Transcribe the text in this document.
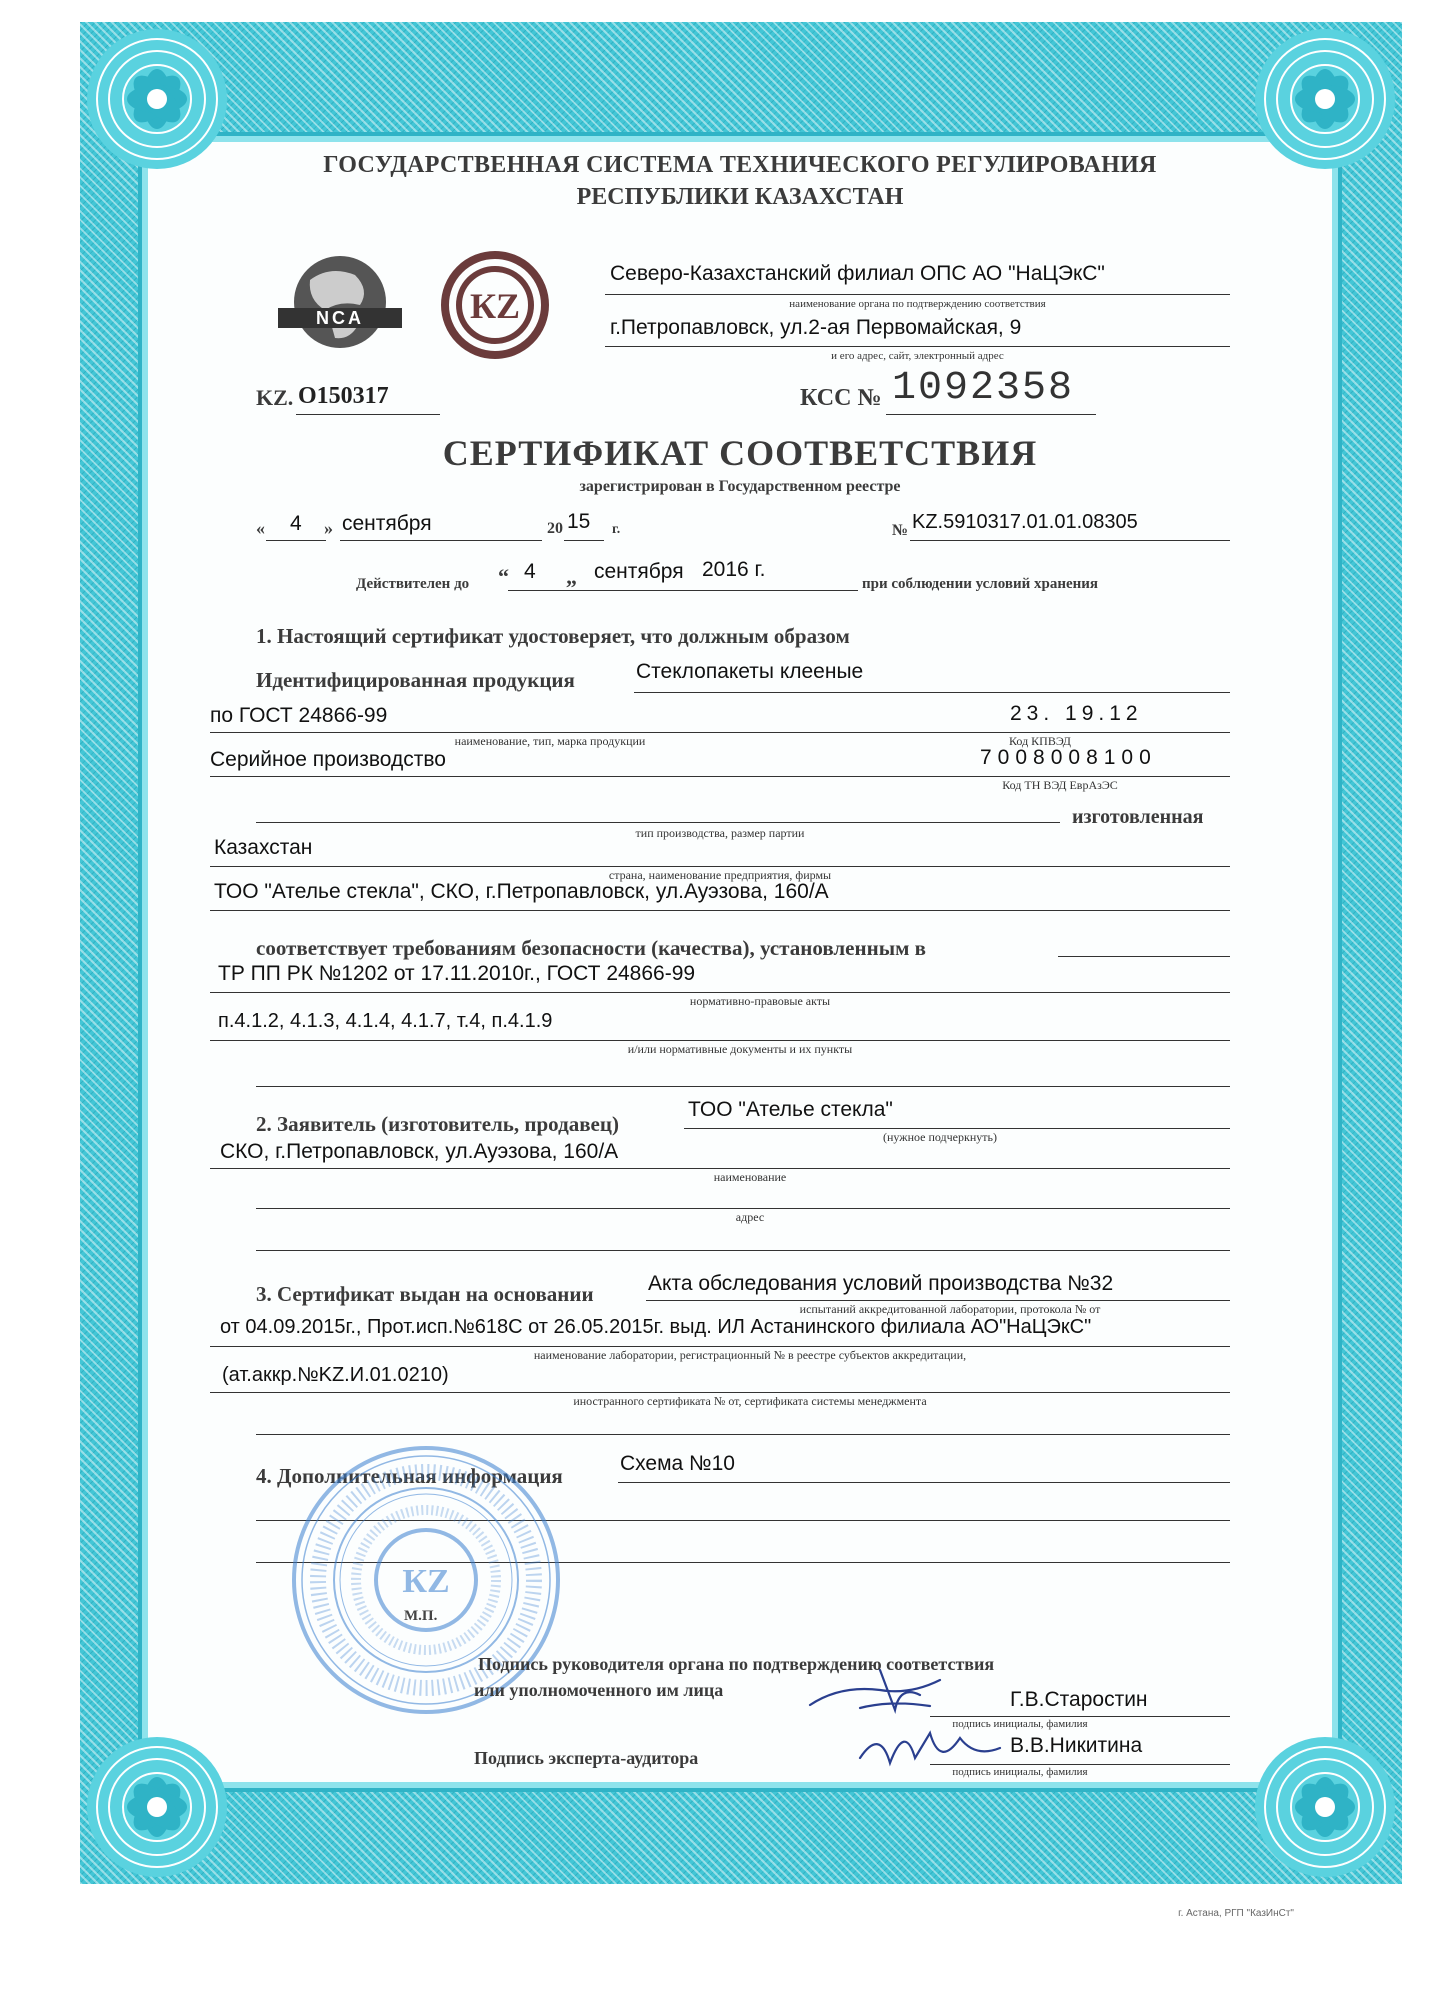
ГОСУДАРСТВЕННАЯ СИСТЕМА ТЕХНИЧЕСКОГО РЕГУЛИРОВАНИЯ
РЕСПУБЛИКИ КАЗАХСТАН
NCA	КZ
Северо-Казахстанский филиал ОПС АО "НаЦЭкС"
наименование органа по подтверждению соответствия
г.Петропавловск, ул.2-ая Первомайская, 9
и его адрес, сайт, электронный адрес
KZ. О150317	КСС № 1092358
СЕРТИФИКАТ СООТВЕТСТВИЯ
зарегистрирован в Государственном реестре
« 4 » сентября	20 15 г.	№ KZ.5910317.01.01.08305
Действителен до “ 4 „ сентября 2016 г.
при соблюдении условий хранения
1. Настоящий сертификат удостоверяет, что должным образом
Идентифицированная продукция	Стеклопакеты клееные
по ГОСТ 24866-99	23. 19.12
наименование, тип, марка продукции	Код КПВЭД
Серийное производство	7008008100
Код ТН ВЭД ЕврАзЭС
изготовленная
тип производства, размер партии
Казахстан
страна, наименование предприятия, фирмы
ТОО "Ателье стекла", СКО, г.Петропавловск, ул.Ауэзова, 160/А
соответствует требованиям безопасности (качества), установленным в
ТР ПП РК №1202 от 17.11.2010г., ГОСТ 24866-99
нормативно-правовые акты
п.4.1.2, 4.1.3, 4.1.4, 4.1.7, т.4, п.4.1.9
и/или нормативные документы и их пункты
2. Заявитель (изготовитель, продавец)
ТОО "Ателье стекла"
(нужное подчеркнуть)
СКО, г.Петропавловск, ул.Ауэзова, 160/А
наименование
адрес
3. Сертификат выдан на основании	Акта обследования условий производства №32
испытаний аккредитованной лаборатории, протокола № от
от 04.09.2015г., Прот.исп.№618С от 26.05.2015г. выд. ИЛ Астанинского филиала АО"НаЦЭкС"
наименование лаборатории, регистрационный № в реестре субъектов аккредитации,
(ат.аккр.№KZ.И.01.0210)
иностранного сертификата № от, сертификата системы менеджмента
4. Дополнительная информация
Схема №10
КZ
М.П.
Подпись руководителя органа по подтверждению соответствия
или уполномоченного им лица	Г.В.Старостин
подпись инициалы, фамилия
Подпись эксперта-аудитора
В.В.Никитина
подпись инициалы, фамилия
г. Астана, РГП "КазИнСт"
